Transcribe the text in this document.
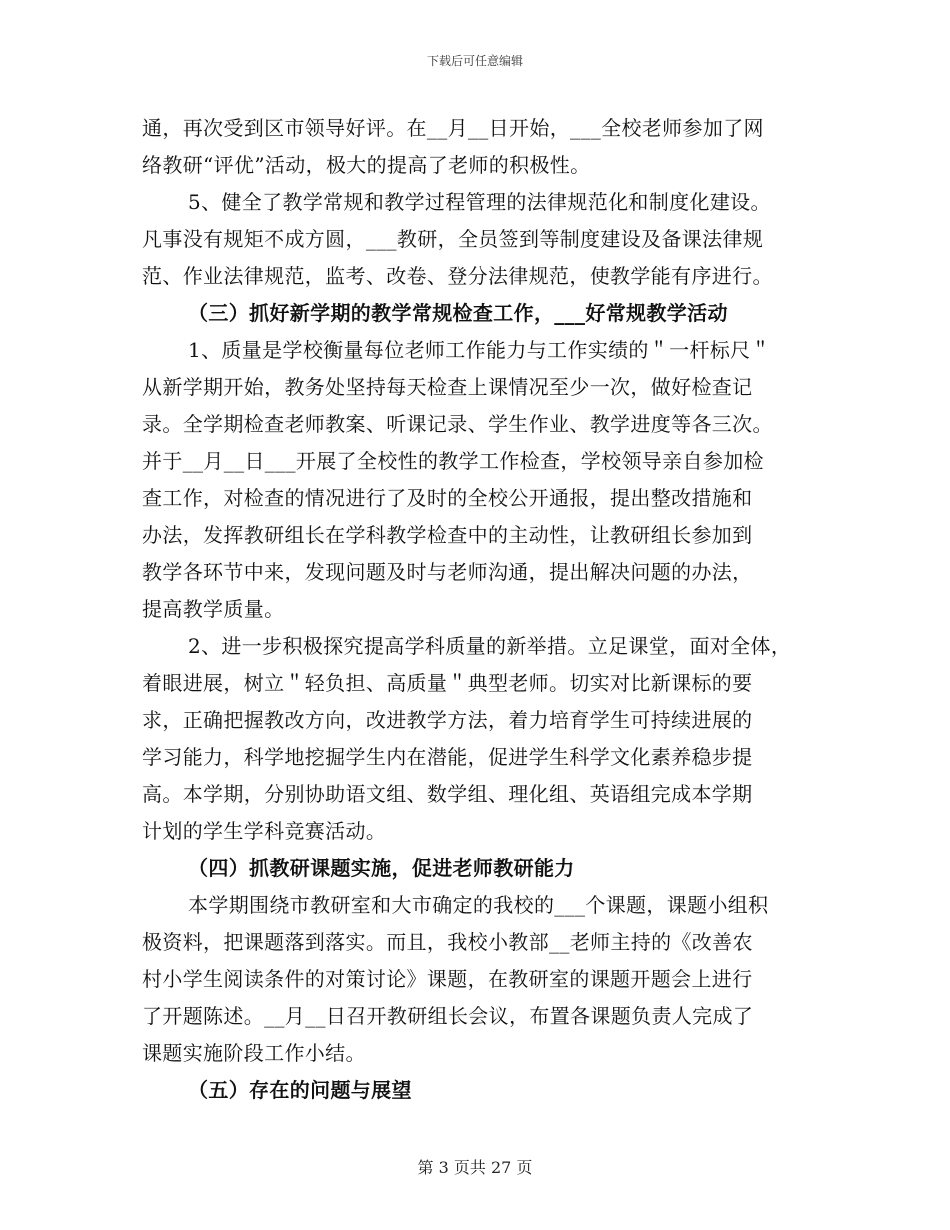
下载后可任意编辑
通，再次受到区市领导好评。在__月__日开始，___全校老师参加了网
络教研“评优”活动，极大的提高了老师的积极性。
5、健全了教学常规和教学过程管理的法律规范化和制度化建设。
凡事没有规矩不成方圆，___教研，全员签到等制度建设及备课法律规
范、作业法律规范，监考、改卷、登分法律规范，使教学能有序进行。
（三）抓好新学期的教学常规检查工作，___好常规教学活动
1、质量是学校衡量每位老师工作能力与工作实绩的＂一杆标尺＂
从新学期开始，教务处坚持每天检查上课情况至少一次，做好检查记
录。全学期检查老师教案、听课记录、学生作业、教学进度等各三次。
并于__月__日___开展了全校性的教学工作检查，学校领导亲自参加检
查工作，对检查的情况进行了及时的全校公开通报，提出整改措施和
办法，发挥教研组长在学科教学检查中的主动性，让教研组长参加到
教学各环节中来，发现问题及时与老师沟通，提出解决问题的办法，
提高教学质量。
2、进一步积极探究提高学科质量的新举措。立足课堂，面对全体，
着眼进展，树立＂轻负担、高质量＂典型老师。切实对比新课标的要
求，正确把握教改方向，改进教学方法，着力培育学生可持续进展的
学习能力，科学地挖掘学生内在潜能，促进学生科学文化素养稳步提
高。本学期，分别协助语文组、数学组、理化组、英语组完成本学期
计划的学生学科竞赛活动。
（四）抓教研课题实施，促进老师教研能力
本学期围绕市教研室和大市确定的我校的___个课题，课题小组积
极资料，把课题落到落实。而且，我校小教部__老师主持的《改善农
村小学生阅读条件的对策讨论》课题，在教研室的课题开题会上进行
了开题陈述。__月__日召开教研组长会议，布置各课题负责人完成了
课题实施阶段工作小结。
（五）存在的问题与展望
第 3 页共 27 页
